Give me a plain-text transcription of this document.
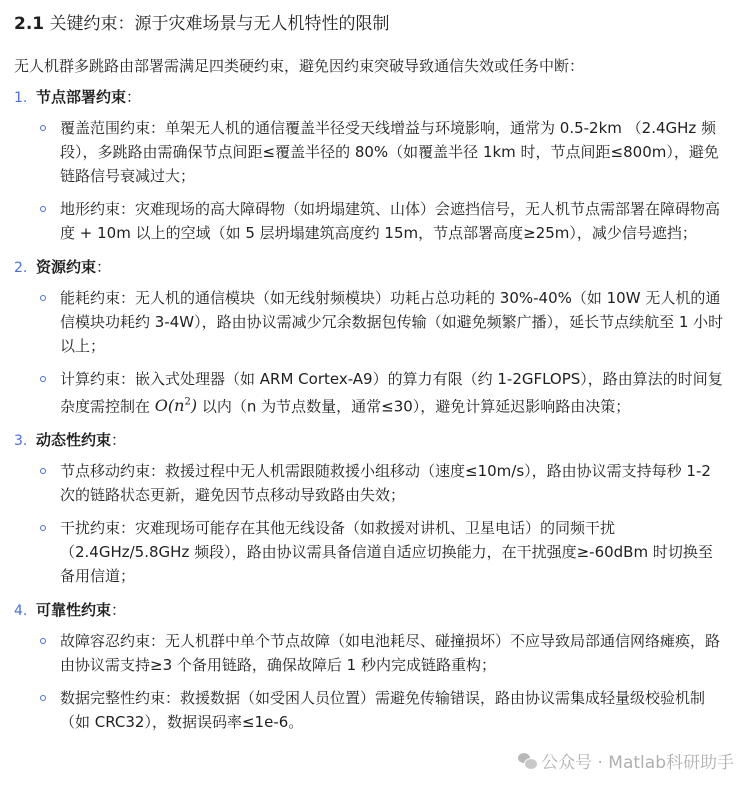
2.1 关键约束：源于灾难场景与无人机特性的限制

无人机群多跳路由部署需满足四类硬约束，避免因约束突破导致通信失效或任务中断：

1. 节点部署约束 ：
覆盖范围约束：单架无人机的通信覆盖半径受天线增益与环境影响，通常为 0.5-2km （2.4GHz 频段），多跳路由需确保节点间距≤覆盖半径的 80%（如覆盖半径 1km 时，节点间距≤800m），避免链路信号衰减过大；
地形约束：灾难现场的高大障碍物（如坍塌建筑、山体）会遮挡信号，无人机节点需部署在障碍物高度 + 10m 以上的空域（如 5 层坍塌建筑高度约 15m，节点部署高度≥25m），减少信号遮挡；
2. 资源约束 ：
能耗约束：无人机的通信模块（如无线射频模块）功耗占总功耗的 30%-40%（如 10W 无人机的通信模块功耗约 3-4W），路由协议需减少冗余数据包传输（如避免频繁广播），延长节点续航至 1 小时以上；
计算约束：嵌入式处理器（如 ARM Cortex-A9）的算力有限（约 1-2GFLOPS），路由算法的时间复杂度需控制在 $O(n^2)$ 以内（n 为节点数量，通常≤30），避免计算延迟影响路由决策；
3. 动态性约束 ：
节点移动约束：救援过程中无人机需跟随救援小组移动（速度≤10m/s），路由协议需支持每秒 1-2 次的链路状态更新，避免因节点移动导致路由失效；
干扰约束：灾难现场可能存在其他无线设备（如救援对讲机、卫星电话）的同频干扰 （2.4GHz/5.8GHz 频段），路由协议需具备信道自适应切换能力，在干扰强度≥-60dBm 时切换至备用信道；
4. 可靠性约束 ：
故障容忍约束：无人机群中单个节点故障（如电池耗尽、碰撞损坏）不应导致局部通信网络瘫痪，路由协议需支持≥3 个备用链路，确保故障后 1 秒内完成链路重构；
数据完整性约束：救援数据（如受困人员位置）需避免传输错误，路由协议需集成轻量级校验机制（如 CRC32），数据误码率≤1e-6。
公众号 · Matlab科研助手
